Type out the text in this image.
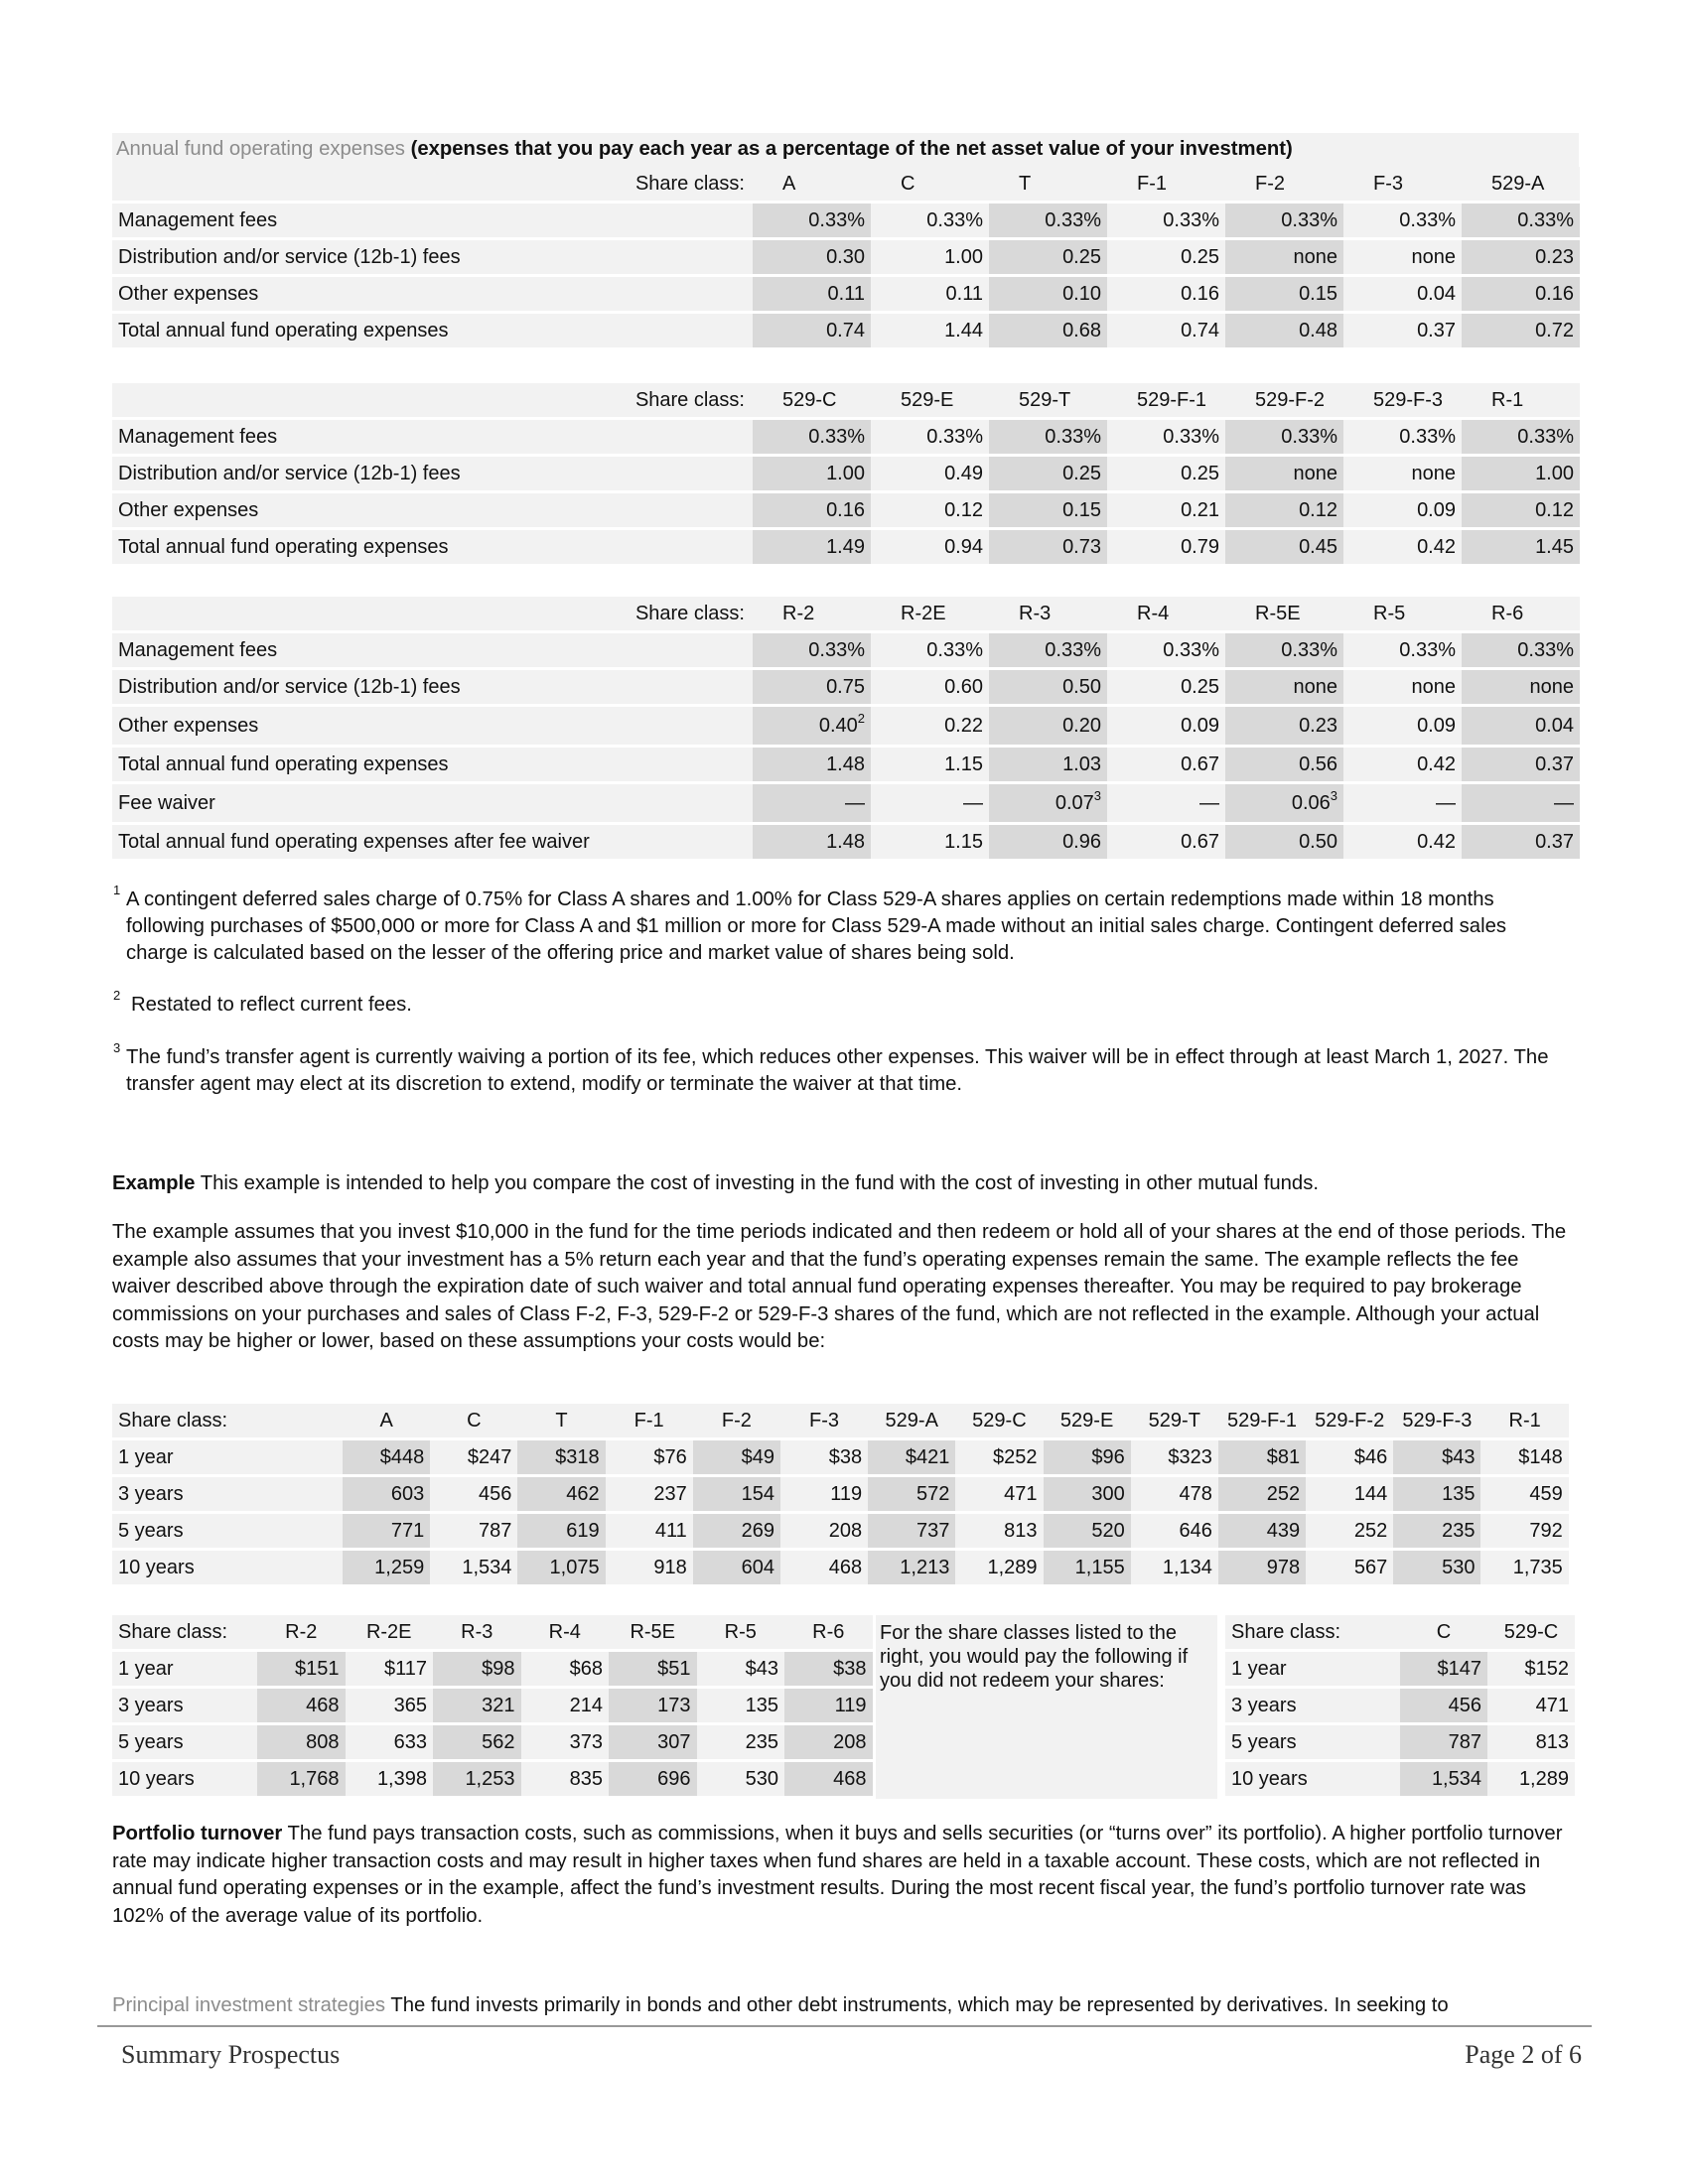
Annual fund operating expenses (expenses that you pay each year as a percentage of the net asset value of your investment)
Share class:	A	C	T	F-1	F-2	F-3	529-A
Management fees	0.33%	0.33%	0.33%	0.33%	0.33%	0.33%	0.33%
Distribution and/or service (12b-1) fees	0.30	1.00	0.25	0.25	none	none	0.23
Other expenses	0.11	0.11	0.10	0.16	0.15	0.04	0.16
Total annual fund operating expenses	0.74	1.44	0.68	0.74	0.48	0.37	0.72
Share class:	529-C	529-E	529-T	529-F-1	529-F-2	529-F-3	R-1
Management fees	0.33%	0.33%	0.33%	0.33%	0.33%	0.33%	0.33%
Distribution and/or service (12b-1) fees	1.00	0.49	0.25	0.25	none	none	1.00
Other expenses	0.16	0.12	0.15	0.21	0.12	0.09	0.12
Total annual fund operating expenses	1.49	0.94	0.73	0.79	0.45	0.42	1.45
Share class:	R-2	R-2E	R-3	R-4	R-5E	R-5	R-6
Management fees	0.33%	0.33%	0.33%	0.33%	0.33%	0.33%	0.33%
Distribution and/or service (12b-1) fees	0.75	0.60	0.50	0.25	none	none	none
Other expenses	0.40$^2$	0.22	0.20	0.09	0.23	0.09	0.04
Total annual fund operating expenses	1.48	1.15	1.03	0.67	0.56	0.42	0.37
Fee waiver	—	—	0.07$^3$	—	0.06$^3$	—	—
Total annual fund operating expenses after fee waiver	1.48	1.15	0.96	0.67	0.50	0.42	0.37
$^1$ A contingent deferred sales charge of 0.75% for Class A shares and 1.00% for Class 529-A shares applies on certain redemptions made within 18 months following purchases of $500,000 or more for Class A and $1 million or more for Class 529-A made without an initial sales charge. Contingent deferred sales charge is calculated based on the lesser of the offering price and market value of shares being sold.
$^2$ Restated to reflect current fees.
$^3$ The fund’s transfer agent is currently waiving a portion of its fee, which reduces other expenses. This waiver will be in effect through at least March 1, 2027. The transfer agent may elect at its discretion to extend, modify or terminate the waiver at that time.

Example This example is intended to help you compare the cost of investing in the fund with the cost of investing in other mutual funds.

The example assumes that you invest $10,000 in the fund for the time periods indicated and then redeem or hold all of your shares at the end of those periods. The example also assumes that your investment has a 5% return each year and that the fund’s operating expenses remain the same. The example reflects the fee waiver described above through the expiration date of such waiver and total annual fund operating expenses thereafter. You may be required to pay brokerage commissions on your purchases and sales of Class F-2, F-3, 529-F-2 or 529-F-3 shares of the fund, which are not reflected in the example. Although your actual costs may be higher or lower, based on these assumptions your costs would be:

Share class:	A	C	T	F-1	F-2	F-3	529-A	529-C	529-E	529-T	529-F-1	529-F-2	529-F-3	R-1
1 year	$448	$247	$318	$76	$49	$38	$421	$252	$96	$323	$81	$46	$43	$148
3 years	603	456	462	237	154	119	572	471	300	478	252	144	135	459
5 years	771	787	619	411	269	208	737	813	520	646	439	252	235	792
10 years	1,259	1,534	1,075	918	604	468	1,213	1,289	1,155	1,134	978	567	530	1,735
Share class:	R-2	R-2E	R-3	R-4	R-5E	R-5	R-6
1 year	$151	$117	$98	$68	$51	$43	$38
3 years	468	365	321	214	173	135	119
5 years	808	633	562	373	307	235	208
10 years	1,768	1,398	1,253	835	696	530	468
For the share classes listed to the right, you would pay the following if you did not redeem your shares:
Share class:	C	529-C
1 year	$147	$152
3 years	456	471
5 years	787	813
10 years	1,534	1,289

Portfolio turnover The fund pays transaction costs, such as commissions, when it buys and sells securities (or “turns over” its portfolio). A higher portfolio turnover rate may indicate higher transaction costs and may result in higher taxes when fund shares are held in a taxable account. These costs, which are not reflected in annual fund operating expenses or in the example, affect the fund’s investment results. During the most recent fiscal year, the fund’s portfolio turnover rate was 102% of the average value of its portfolio.

Principal investment strategies The fund invests primarily in bonds and other debt instruments, which may be represented by derivatives. In seeking to

Summary Prospectus	Page 2 of 6
